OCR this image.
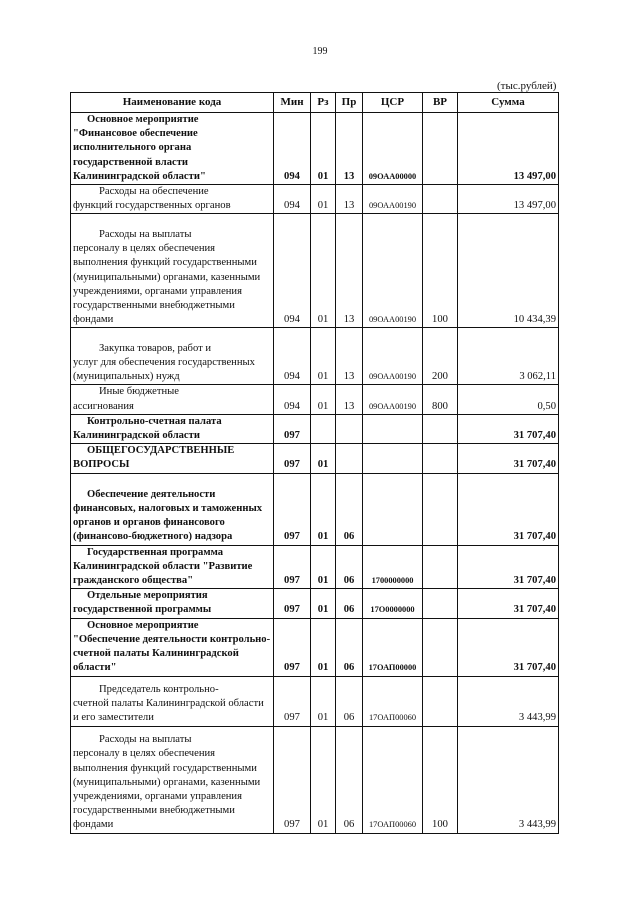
199
(тыс.рублей)
Наименование кода	Мин	Рз	Пр	ЦСР	ВР	Сумма

Основное мероприятие
"Финансовое обеспечение исполнительного органа государственной власти Калининградской области"	094	01	13	09ОАА00000		13 497,00

Расходы на обеспечение
функций государственных органов	094	01	13	09ОАА00190		13 497,00

Расходы на выплаты
персоналу в целях обеспечения выполнения функций государственными (муниципальными) органами, казенными учреждениями, органами управления государственными внебюджетными фондами	094	01	13	09ОАА00190	100	10 434,39

Закупка товаров, работ и
услуг для обеспечения государственных (муниципальных) нужд	094	01	13	09ОАА00190	200	3 062,11

Иные бюджетные
ассигнования	094	01	13	09ОАА00190	800	0,50

Контрольно-счетная палата
Калининградской области	097					31 707,40

ОБЩЕГОСУДАРСТВЕННЫЕ
ВОПРОСЫ	097	01				31 707,40

Обеспечение деятельности
финансовых, налоговых и таможенных органов и органов финансового (финансово-бюджетного) надзора	097	01	06			31 707,40

Государственная программа
Калининградской области "Развитие гражданского общества"	097	01	06	1700000000		31 707,40

Отдельные мероприятия
государственной программы	097	01	06	17О0000000		31 707,40

Основное мероприятие
"Обеспечение деятельности контрольно-счетной палаты Калининградской области"	097	01	06	17ОАП00000		31 707,40

Председатель контрольно-
счетной палаты Калининградской области и его заместители	097	01	06	17ОАП00060		3 443,99

Расходы на выплаты
персоналу в целях обеспечения выполнения функций государственными (муниципальными) органами, казенными учреждениями, органами управления государственными внебюджетными фондами	097	01	06	17ОАП00060	100	3 443,99
